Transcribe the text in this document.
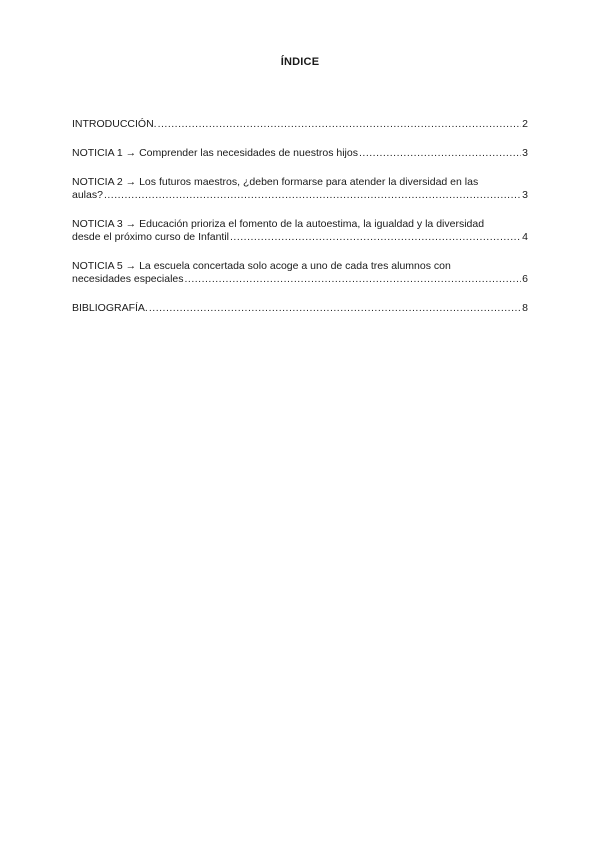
ÍNDICE
INTRODUCCIÓN. .....	2
NOTICIA 1 → Comprender las necesidades de nuestros hijos .....	3
NOTICIA 2 → Los futuros maestros, ¿deben formarse para atender la diversidad en las
aulas? .....	3
NOTICIA 3 → Educación prioriza el fomento de la autoestima, la igualdad y la diversidad
desde el próximo curso de Infantil .....	4
NOTICIA 5 → La escuela concertada solo acoge a uno de cada tres alumnos con
necesidades especiales .....	6
BIBLIOGRAFÍA. .....	8
